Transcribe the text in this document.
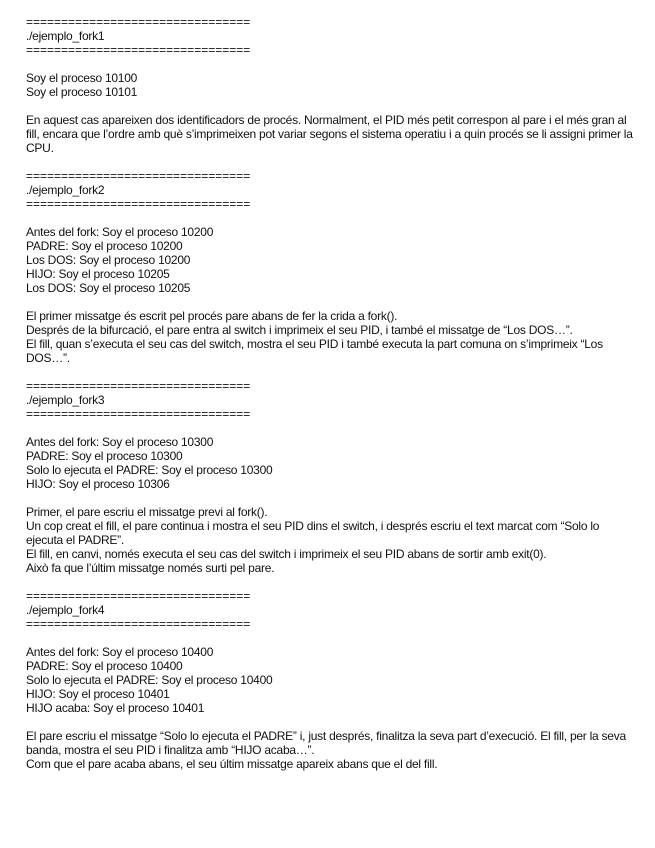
================================
./ejemplo_fork1
================================
Soy el proceso 10100
Soy el proceso 10101

En aquest cas apareixen dos identificadors de procés. Normalment, el PID més petit correspon al pare i el més gran al fill, encara que l’ordre amb què s’imprimeixen pot variar segons el sistema operatiu i a quin procés se li assigni primer la CPU.

================================
./ejemplo_fork2
================================
Antes del fork: Soy el proceso 10200
PADRE: Soy el proceso 10200
Los DOS: Soy el proceso 10200
HIJO: Soy el proceso 10205
Los DOS: Soy el proceso 10205

El primer missatge és escrit pel procés pare abans de fer la crida a fork().

Després de la bifurcació, el pare entra al switch i imprimeix el seu PID, i també el missatge de “Los DOS…”.

El fill, quan s’executa el seu cas del switch, mostra el seu PID i també executa la part comuna on s’imprimeix “Los DOS…”.

================================
./ejemplo_fork3
================================
Antes del fork: Soy el proceso 10300
PADRE: Soy el proceso 10300
Solo lo ejecuta el PADRE: Soy el proceso 10300
HIJO: Soy el proceso 10306

Primer, el pare escriu el missatge previ al fork().

Un cop creat el fill, el pare continua i mostra el seu PID dins el switch, i després escriu el text marcat com “Solo lo ejecuta el PADRE”.

El fill, en canvi, només executa el seu cas del switch i imprimeix el seu PID abans de sortir amb exit(0).

Això fa que l’últim missatge només surti pel pare.

================================
./ejemplo_fork4
================================
Antes del fork: Soy el proceso 10400
PADRE: Soy el proceso 10400
Solo lo ejecuta el PADRE: Soy el proceso 10400
HIJO: Soy el proceso 10401
HIJO acaba: Soy el proceso 10401

El pare escriu el missatge “Solo lo ejecuta el PADRE” i, just després, finalitza la seva part d’execució. El fill, per la seva banda, mostra el seu PID i finalitza amb “HIJO acaba…”.

Com que el pare acaba abans, el seu últim missatge apareix abans que el del fill.
